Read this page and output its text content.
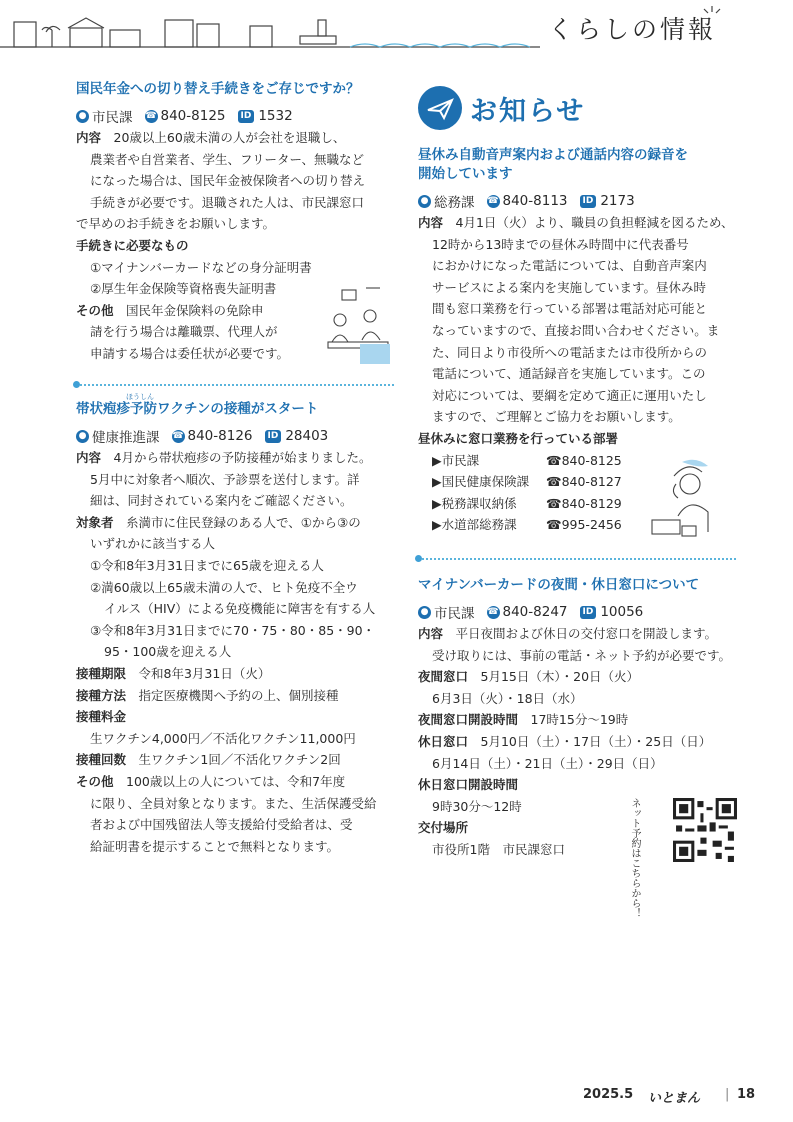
くらしの情報
国民年金への切り替え手続きをご存じですか？
● 市民課 ☎ 840-8125	ID 1532
内容　 20歳以上60歳未満の人が会社を退職し、
農業者や自営業者、学生、フリーター、無職など
になった場合は、国民年金被保険者への切り替え
手続きが必要です。退職された人は、市民課窓口
で早めのお手続きをお願いします。
手続きに必要なもの
①マイナンバーカードなどの身分証明書
②厚生年金保険等資格喪失証明書
その他　 国民年金保険料の免除申
請を行う場合は離職票、代理人が
申請する場合は委任状が必要です。
ほうしん
帯状疱疹予防ワクチンの接種がスタート
● 健康推進課 ☎ 840-8126	ID 28403
内容　 4月から帯状疱疹の予防接種が始まりました。
5月中に対象者へ順次、予診票を送付します。詳
細は、同封されている案内をご確認ください。
対象者　 糸満市に住民登録のある人で、①から③の
いずれかに該当する人
①令和8年3月31日までに65歳を迎える人
②満60歳以上65歳未満の人で、ヒト免疫不全ウ
イルス（HIV）による免疫機能に障害を有する人
③令和8年3月31日までに70・75・80・85・90・
95・100歳を迎える人
接種期限　 令和8年3月31日（火）
接種方法　 指定医療機関へ予約の上、個別接種
接種料金
生ワクチン4,000円／不活化ワクチン11,000円
接種回数　 生ワクチン1回／不活化ワクチン2回
その他　 100歳以上の人については、令和7年度
に限り、全員対象となります。また、生活保護受給
者および中国残留法人等支援給付受給者は、受
給証明書を提示することで無料となります。
お知らせ
昼休み自動音声案内および通話内容の録音を
開始しています
● 総務課 ☎ 840-8113	ID 2173
内容　 4月1日（火）より、職員の負担軽減を図るため、
12時から13時までの昼休み時間中に代表番号
におかけになった電話については、自動音声案内
サービスによる案内を実施しています。昼休み時
間も窓口業務を行っている部署は電話対応可能と
なっていますので、直接お問い合わせください。ま
た、同日より市役所への電話または市役所からの
電話について、通話録音を実施しています。この
対応については、要綱を定めて適正に運用いたし
ますので、ご理解とご協力をお願いします。
昼休みに窓口業務を行っている部署
▶市民課	☎840-8125
▶国民健康保険課 ☎840-8127
▶税務課収納係 ☎840-8129
▶水道部総務課 ☎995-2456
マイナンバーカードの夜間・休日窓口について
● 市民課 ☎ 840-8247	ID 10056
内容　 平日夜間および休日の交付窓口を開設します。
受け取りには、事前の電話・ネット予約が必要です。
夜間窓口　 5月15日（木）・20日（火）
6月3日（火）・18日（水）
夜間窓口開設時間　 17時15分〜19時
休日窓口　 5月10日（土）・17日（土）・25日（日）
6月14日（土）・21日（土）・29日（日）
休日窓口開設時間
9時30分〜12時
交付場所
市役所1階　市民課窓口	ネット予約はこちらから！
2025.5 いとまん | 18
